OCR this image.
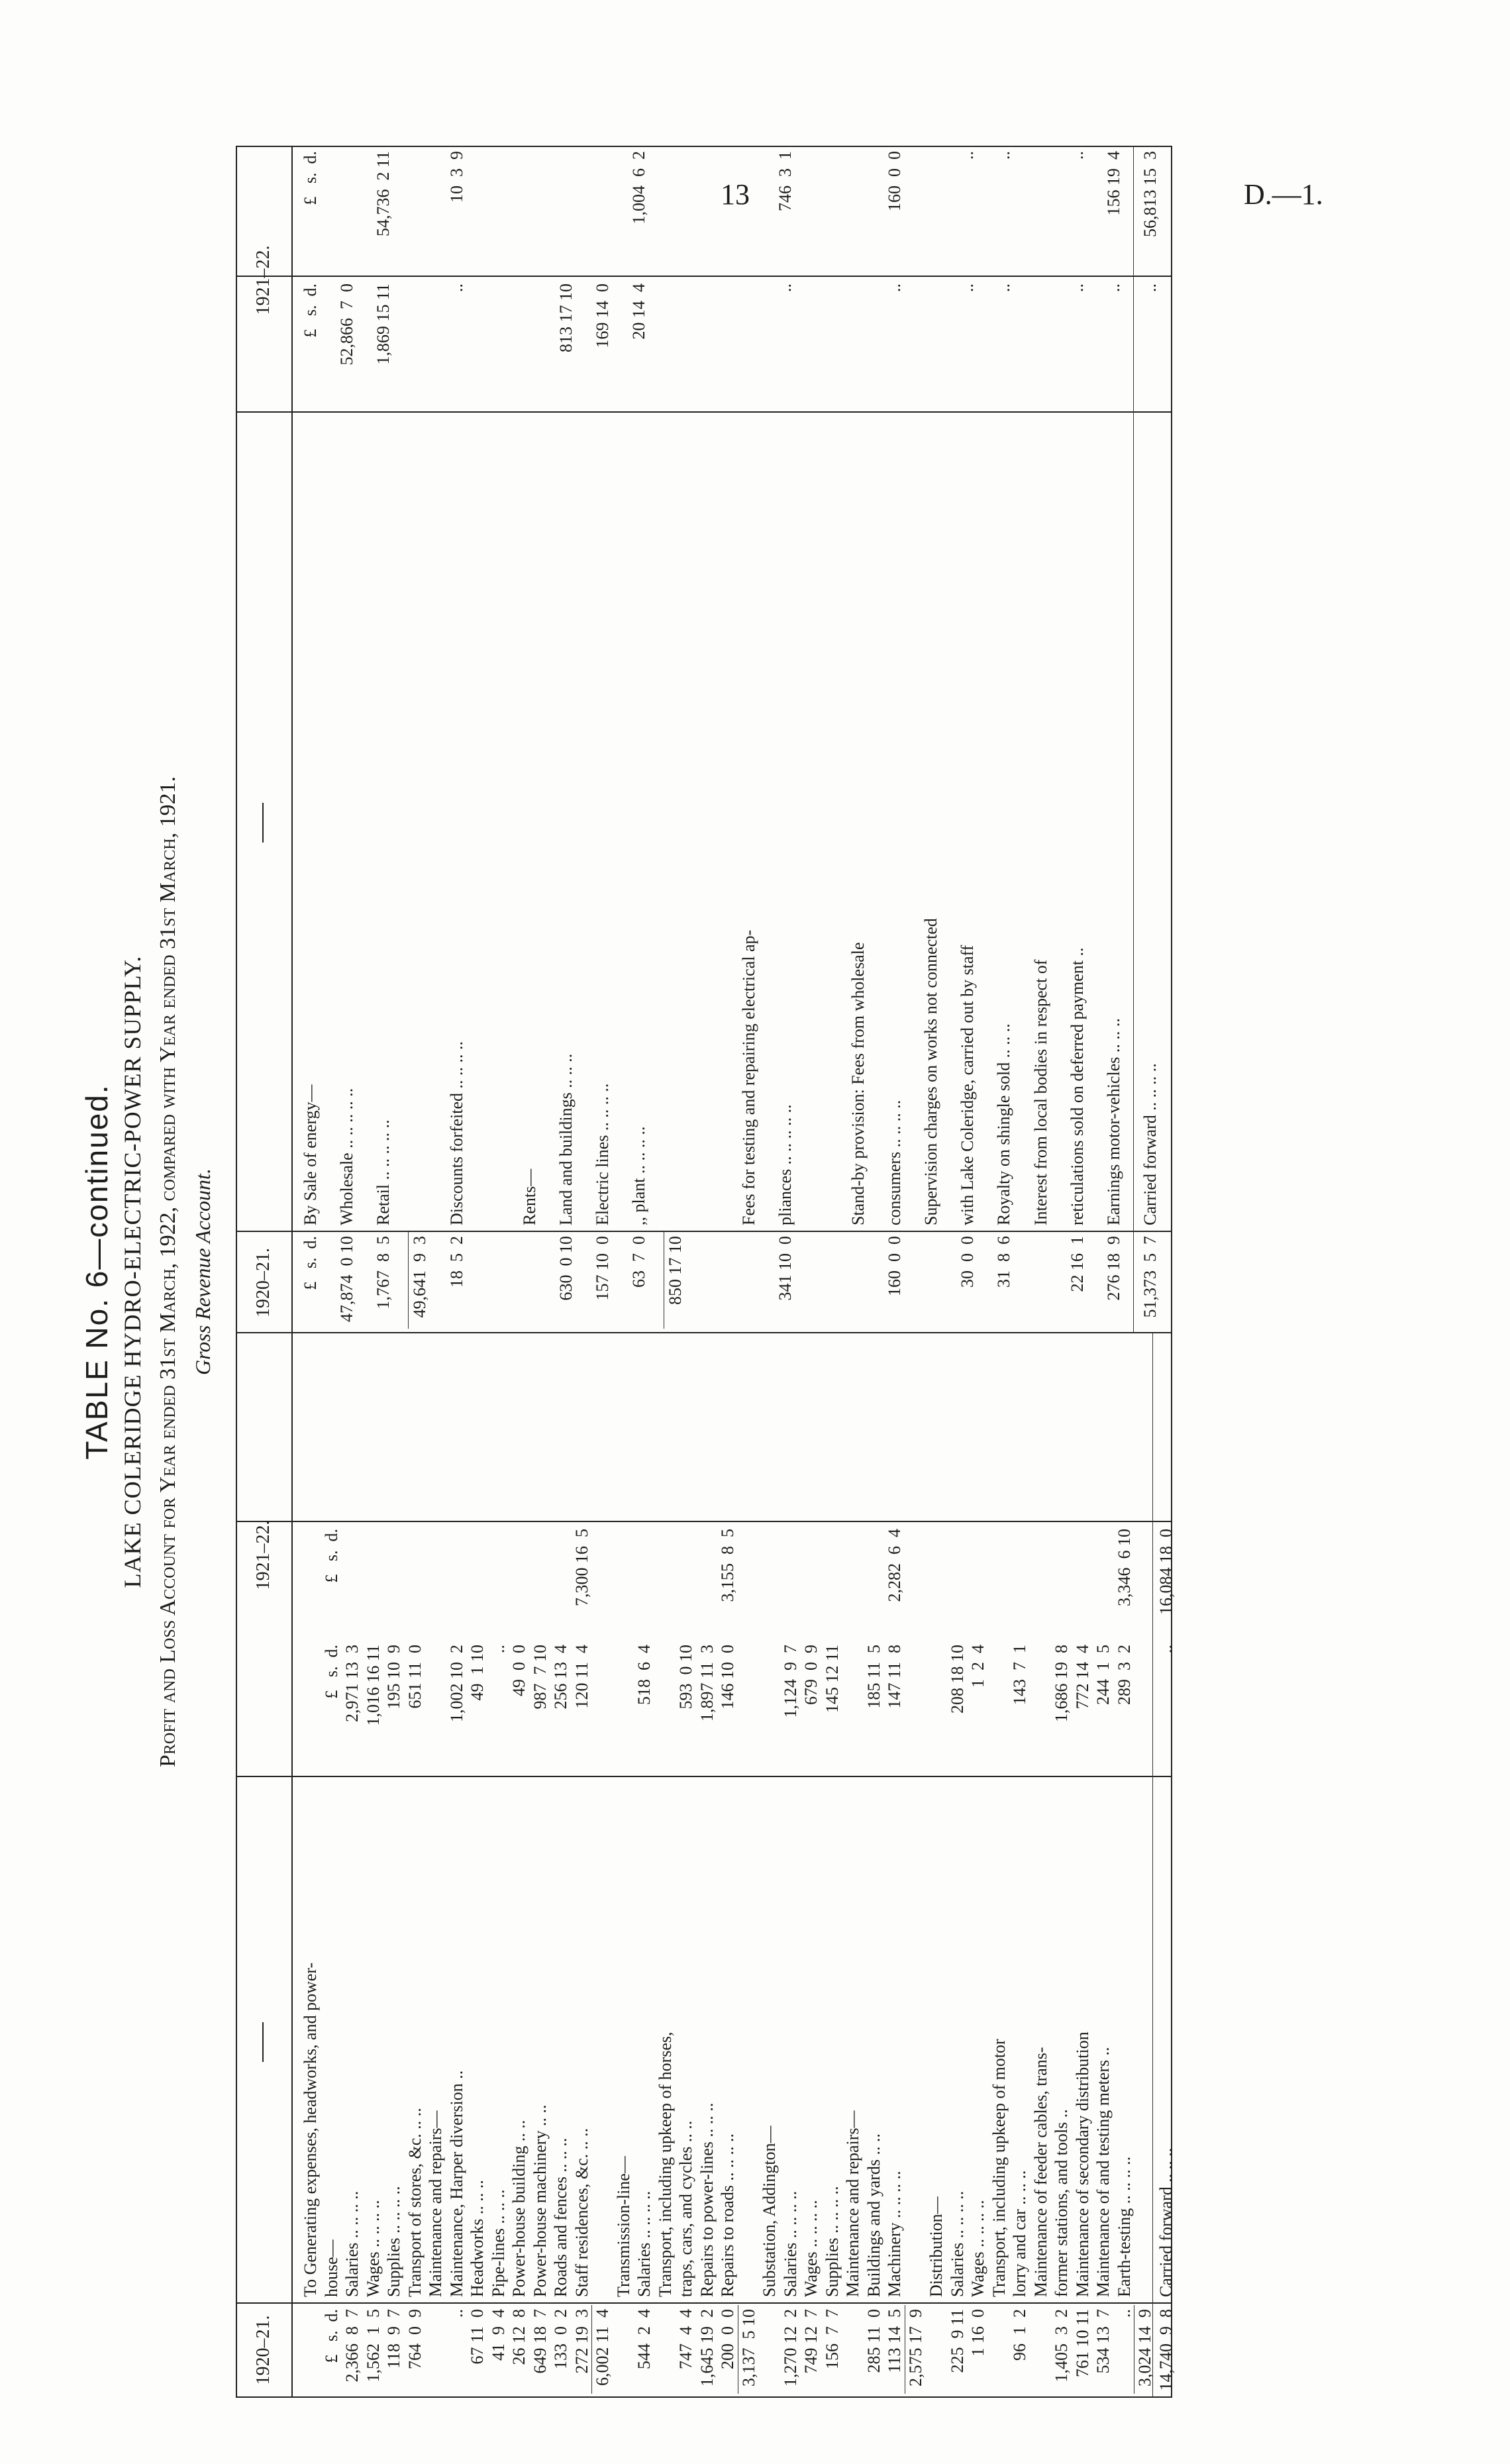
13	D.—1.
TABLE No. 6—continued. LAKE COLERIDGE HYDRO-ELECTRIC-POWER SUPPLY. Profit and Loss Account for Year ended 31st March, 1922, compared with Year ended 31st March, 1921. Gross Revenue Account.
1920–21.
1921–22.
1920–21.
1921–22.
To Generating expenses, headworks, and power-
£   s.  d.
house—
£   s.  d.
£   s.  d.
2,366  8  7
Salaries .. .. .. ..
2,971 13  3
1,562  1  5
Wages .. .. .. ..
1,016 16 11
118  9  7
Supplies .. .. .. ..
195 10  9
764  0  9
Transport of stores, &c. .. ..
651 11  0
Maintenance and repairs—
..
Maintenance, Harper diversion ..
1,002 10  2
67 11  0
Headworks .. .. ..
49  1 10
41  9  4
Pipe-lines .. .. ..
..
26 12  8
Power-house building .. ..
49  0  0
649 18  7
Power-house machinery .. ..
987  7 10
133  0  2
Roads and fences .. .. ..
256 13  4
272 19  3
Staff residences, &c. .. ..
120 11  4
7,300 16  5
6,002 11  4
Transmission-line—
544  2  4
Salaries .. .. .. ..
518  6  4
Transport, including upkeep of horses,
747  4  4
traps, cars, and cycles .. ..
593  0 10
1,645 19  2
Repairs to power-lines .. .. ..
1,897 11  3
200  0  0
Repairs to roads .. .. .. ..
146 10  0
3,155  8  5
3,137  5 10
Substation, Addington—
1,270 12  2
Salaries .. .. .. ..
1,124  9  7
749 12  7
Wages .. .. .. ..
679  0  9
156  7  7
Supplies .. .. .. ..
145 12 11
Maintenance and repairs—
285 11  0
Buildings and yards .. ..
185 11  5
113 14  5
Machinery .. .. .. ..
147 11  8
2,282  6  4
2,575 17  9
Distribution—
225  9 11
Salaries .. .. .. ..
208 18 10
1 16  0
Wages .. .. .. ..
1  2  4
Transport, including upkeep of motor
96  1  2
lorry and car .. .. ..
143  7  1
Maintenance of feeder cables, trans-
1,405  3  2
former stations, and tools ..
1,686 19  8
761 10 11
Maintenance of secondary distribution
772 14  4
534 13  7
Maintenance of and testing meters ..
244  1  5
..
Earth-testing .. .. .. ..
289  3  2
3,346  6 10
3,024 14  9 14,740  9  8
Carried forward .. .. ..
..
16,084 18  0
£   s.  d.
By Sale of energy—
£   s.  d.
£   s.  d.
47,874  0 10
Wholesale .. .. .. .. ..
52,866  7  0
1,767  8  5
Retail .. .. .. .. ..
1,869 15 11
54,736  2 11
49,641  9  3 18  5  2
Discounts forfeited .. .. .. ..
..
10  3  9
Rents—
630  0 10
Land and buildings .. .. ..
813 17 10
157 10  0
Electric lines .. .. .. ..
169 14  0
63  7  0
,, plant .. .. .. ..
20 14  4
1,004  6  2
850 17 10
Fees for testing and repairing electrical ap-
341 10  0
pliances .. .. .. .. ..
..
746  3  1
Stand-by provision: Fees from wholesale
160  0  0
consumers .. .. .. ..
..
160  0  0
Supervision charges on works not connected
30  0  0
with Lake Coleridge, carried out by staff
..
..
31  8  6
Royalty on shingle sold .. .. ..
..
..
Interest from local bodies in respect of
22 16  1
reticulations sold on deferred payment ..
..
..
276 18  9
Earnings motor-vehicles .. .. ..
..
156 19  4
51,373  5  7
Carried forward .. .. .. ..
..
56,813 15  3
